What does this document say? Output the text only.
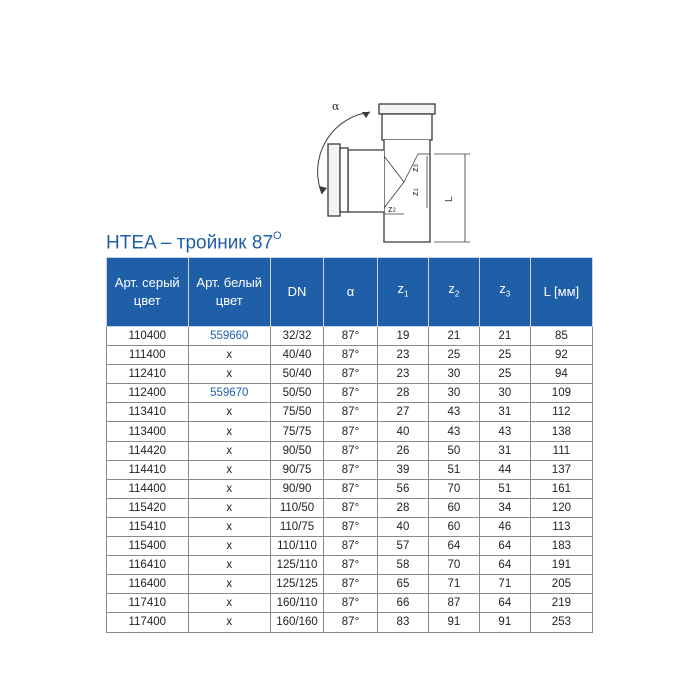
α
z3
z1
z2
L
HTEA – тройник $87^O$
Арт. серый цвет	Арт. белый цвет	DN	α	$z_1$	$z_2$	$z_3$	L [мм]
110400	559660	32/32	87°	19	21	21	85
111400	x	40/40	87°	23	25	25	92
112410	x	50/40	87°	23	30	25	94
112400	559670	50/50	87°	28	30	30	109
113410	x	75/50	87°	27	43	31	112
113400	x	75/75	87°	40	43	43	138
114420	x	90/50	87°	26	50	31	111
114410	x	90/75	87°	39	51	44	137
114400	x	90/90	87°	56	70	51	161
115420	x	110/50	87°	28	60	34	120
115410	x	110/75	87°	40	60	46	113
115400	x	110/110	87°	57	64	64	183
116410	x	125/110	87°	58	70	64	191
116400	x	125/125	87°	65	71	71	205
117410	x	160/110	87°	66	87	64	219
117400	x	160/160	87°	83	91	91	253
